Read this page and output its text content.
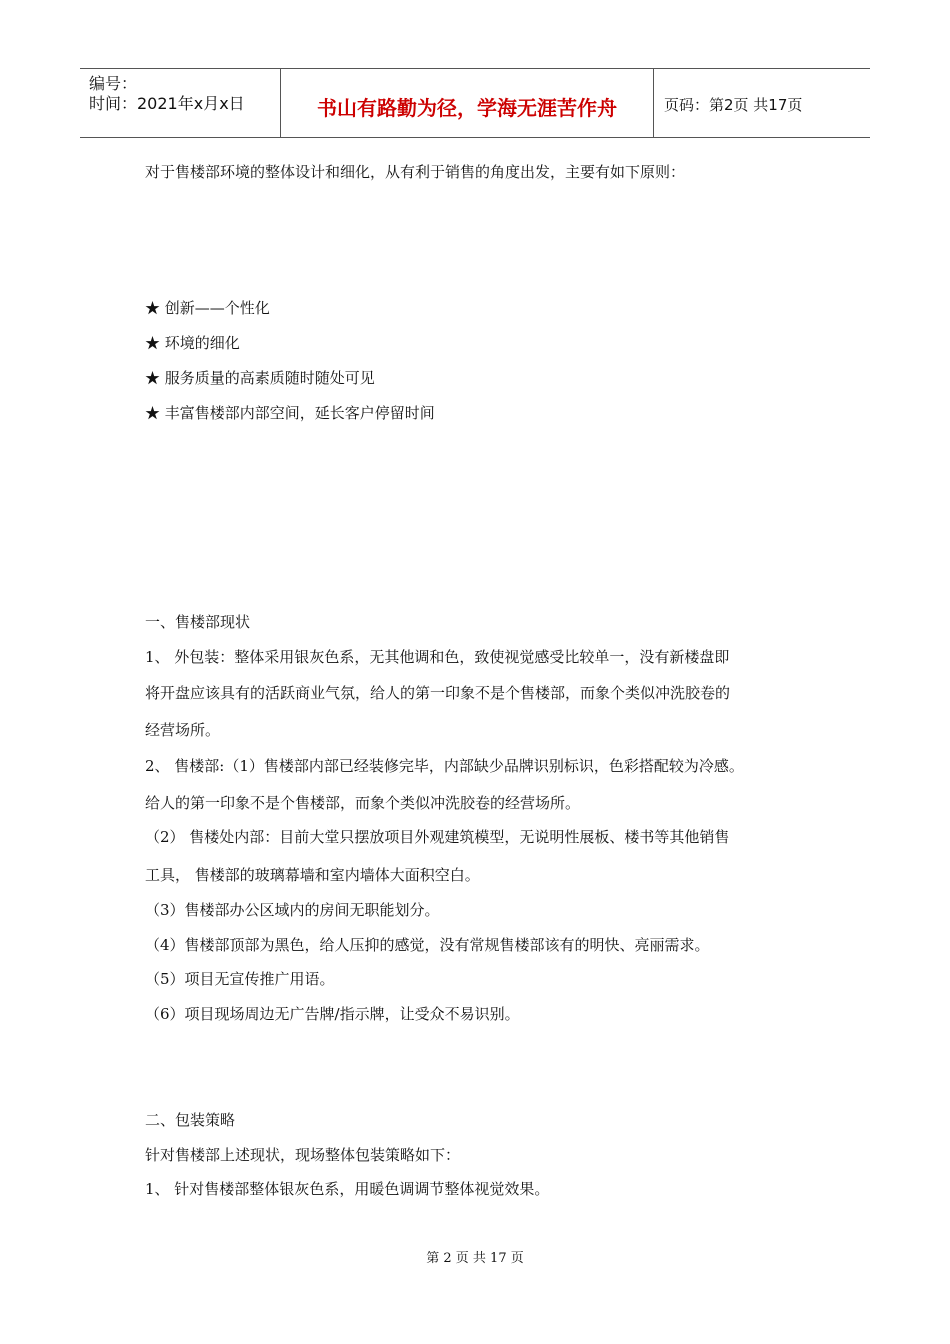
编号：
时间：2021年x月x日	书山有路勤为径，学海无涯苦作舟	页码：第2页 共17页
对于售楼部环境的整体设计和细化，从有利于销售的角度出发，主要有如下原则：
★ 创新——个性化
★ 环境的细化
★ 服务质量的高素质随时随处可见
★ 丰富售楼部内部空间，延长客户停留时间
一、售楼部现状
1、 外包装：整体采用银灰色系，无其他调和色，致使视觉感受比较单一，没有新楼盘即
将开盘应该具有的活跃商业气氛，给人的第一印象不是个售楼部，而象个类似冲洗胶卷的
经营场所。
2、 售楼部:（1）售楼部内部已经装修完毕，内部缺少品牌识别标识，色彩搭配较为冷感。
给人的第一印象不是个售楼部，而象个类似冲洗胶卷的经营场所。
（2） 售楼处内部：目前大堂只摆放项目外观建筑模型，无说明性展板、楼书等其他销售
工具， 售楼部的玻璃幕墙和室内墙体大面积空白。
（3）售楼部办公区域内的房间无职能划分。
（4）售楼部顶部为黑色，给人压抑的感觉，没有常规售楼部该有的明快、亮丽需求。
（5）项目无宣传推广用语。
（6）项目现场周边无广告牌/指示牌，让受众不易识别。
二、包装策略
针对售楼部上述现状，现场整体包装策略如下：
1、 针对售楼部整体银灰色系，用暖色调调节整体视觉效果。
第 2 页 共 17 页
